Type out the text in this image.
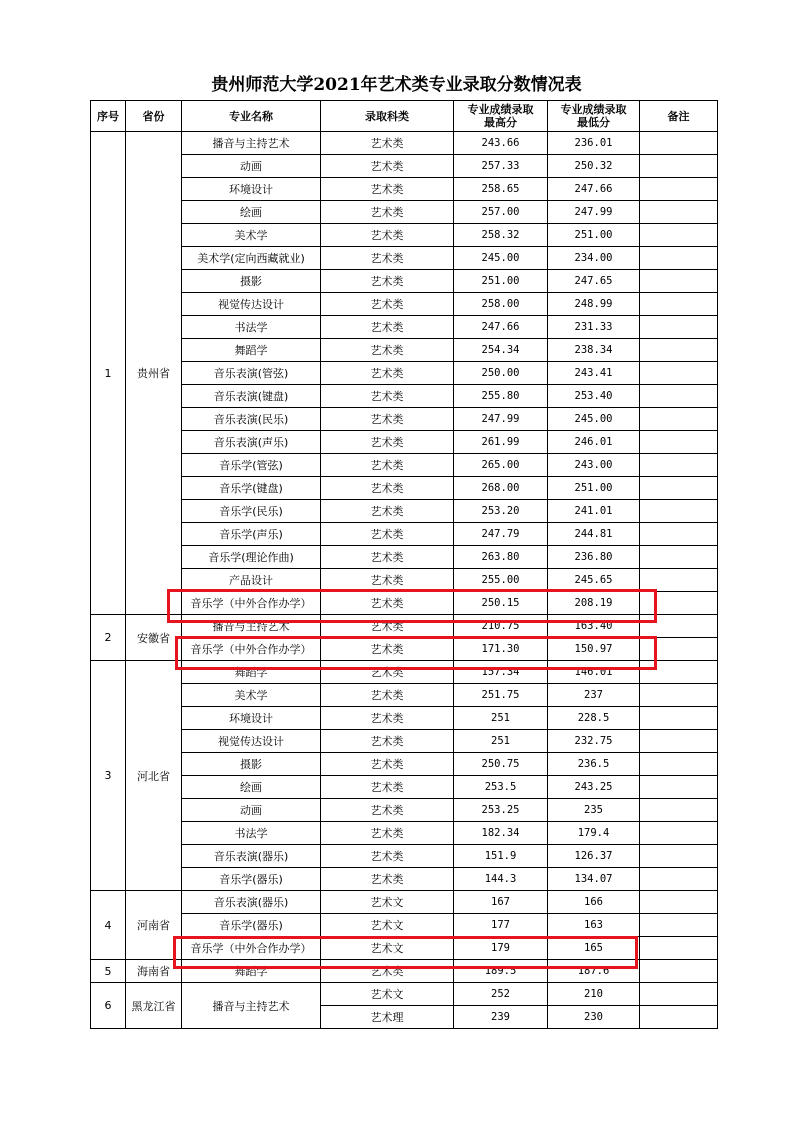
贵州师范大学2021年艺术类专业录取分数情况表
序号	省份	专业名称	录取科类	专业成绩录取
最高分	专业成绩录取
最低分	备注
1	贵州省	播音与主持艺术	艺术类	243.66	236.01	
		动画	艺术类	257.33	250.32	
		环境设计	艺术类	258.65	247.66	
		绘画	艺术类	257.00	247.99	
		美术学	艺术类	258.32	251.00	
		美术学(定向西藏就业)	艺术类	245.00	234.00	
		摄影	艺术类	251.00	247.65	
		视觉传达设计	艺术类	258.00	248.99	
		书法学	艺术类	247.66	231.33	
		舞蹈学	艺术类	254.34	238.34	
		音乐表演(管弦)	艺术类	250.00	243.41	
		音乐表演(键盘)	艺术类	255.80	253.40	
		音乐表演(民乐)	艺术类	247.99	245.00	
		音乐表演(声乐)	艺术类	261.99	246.01	
		音乐学(管弦)	艺术类	265.00	243.00	
		音乐学(键盘)	艺术类	268.00	251.00	
		音乐学(民乐)	艺术类	253.20	241.01	
		音乐学(声乐)	艺术类	247.79	244.81	
		音乐学(理论作曲)	艺术类	263.80	236.80	
		产品设计	艺术类	255.00	245.65	
		音乐学（中外合作办学）	艺术类	250.15	208.19	
2	安徽省	播音与主持艺术	艺术类	210.75	163.40	
		音乐学（中外合作办学）	艺术类	171.30	150.97	
3	河北省	舞蹈学	艺术类	157.34	146.01	
		美术学	艺术类	251.75	237	
		环境设计	艺术类	251	228.5	
		视觉传达设计	艺术类	251	232.75	
		摄影	艺术类	250.75	236.5	
		绘画	艺术类	253.5	243.25	
		动画	艺术类	253.25	235	
		书法学	艺术类	182.34	179.4	
		音乐表演(器乐)	艺术类	151.9	126.37	
		音乐学(器乐)	艺术类	144.3	134.07	
4	河南省	音乐表演(器乐)	艺术文	167	166	
		音乐学(器乐)	艺术文	177	163	
		音乐学（中外合作办学）	艺术文	179	165	
5	海南省	舞蹈学	艺术类	189.5	187.6	
6	黑龙江省	播音与主持艺术	艺术文	252	210	
			艺术理	239	230	
